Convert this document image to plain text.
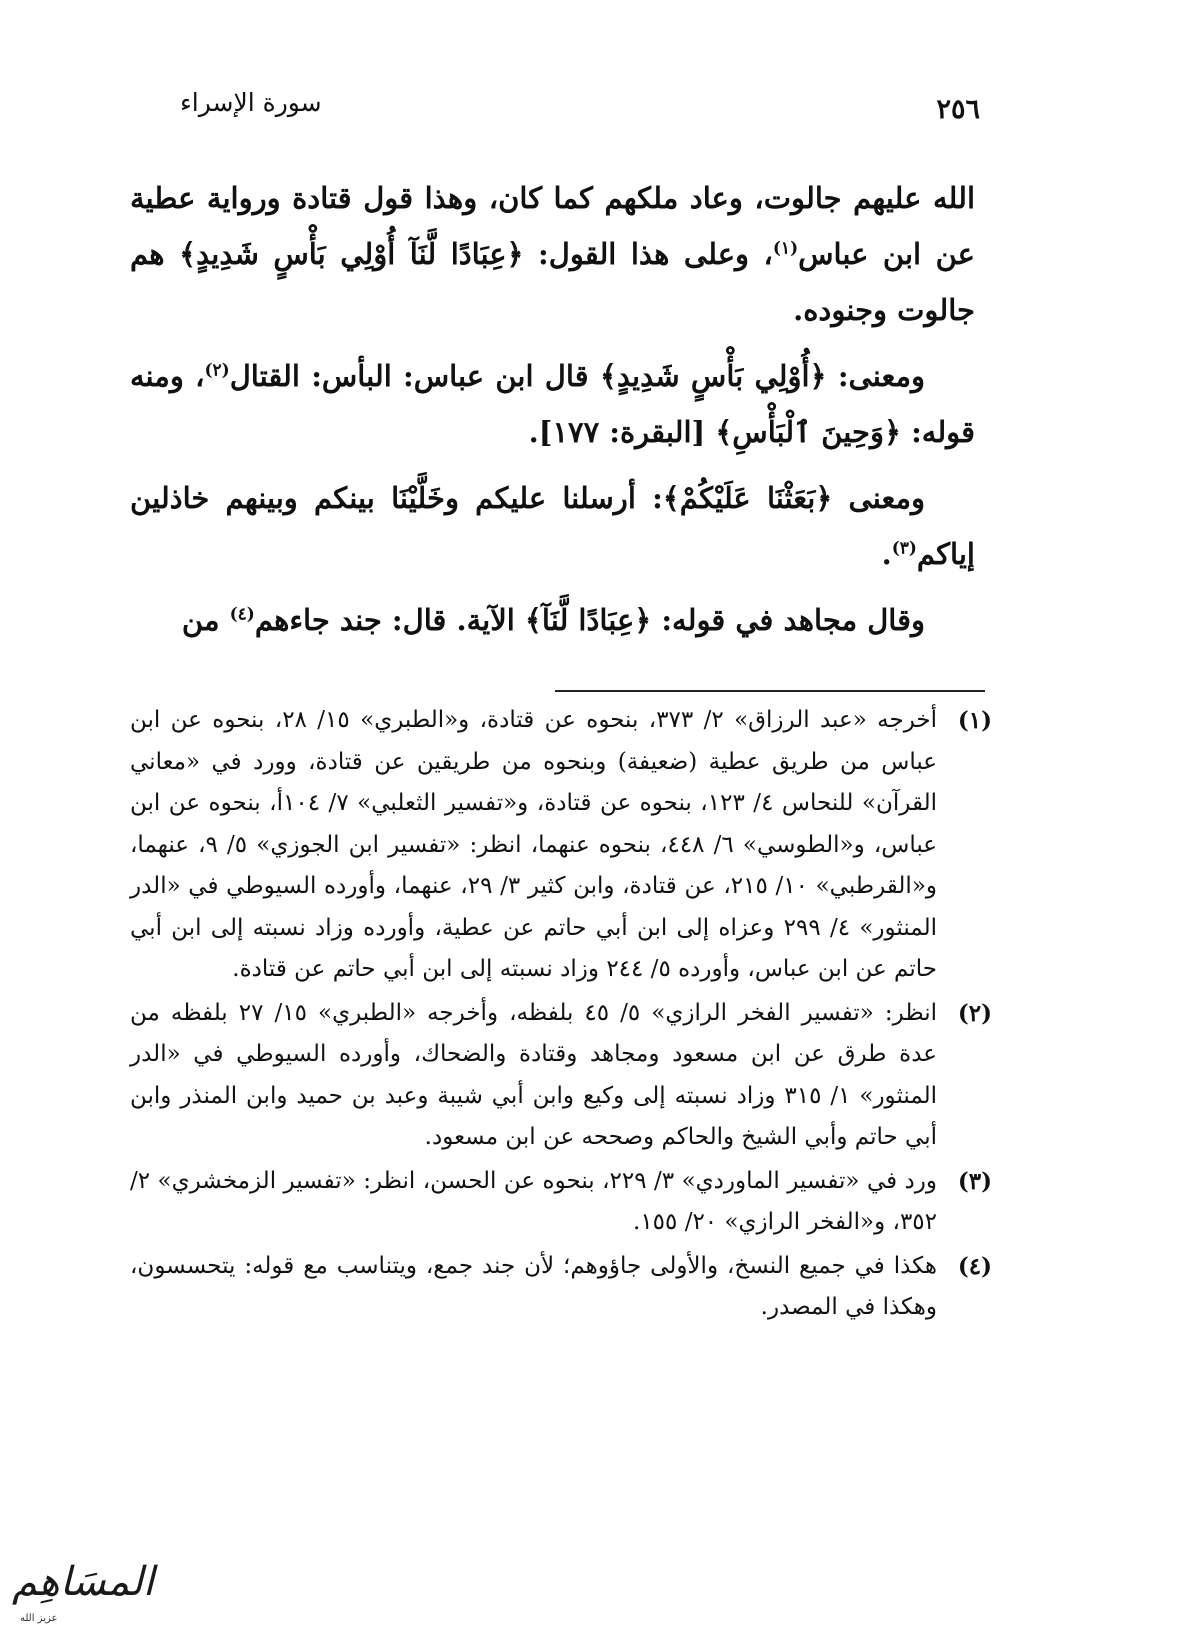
سورة الإسراء	٢٥٦

الله عليهم جالوت، وعاد ملكهم كما كان، وهذا قول قتادة ورواية عطية عن ابن عباس$^{(١)}$، وعلى هذا القول: ﴿عِبَادًا لَّنَآ أُوْلِي بَأْسٍ شَدِيدٍ﴾ هم جالوت وجنوده.

ومعنى: ﴿أُوْلِي بَأْسٍ شَدِيدٍ﴾ قال ابن عباس: البأس: القتال$^{(٢)}$، ومنه قوله: ﴿وَحِينَ ٱلْبَأْسِ﴾ [البقرة: ١٧٧].

ومعنى ﴿بَعَثْنَا عَلَيْكُمْ﴾: أرسلنا عليكم وخَلَّيْنَا بينكم وبينهم خاذلين إياكم$^{(٣)}$.

وقال مجاهد في قوله: ﴿عِبَادًا لَّنَآ﴾ الآية. قال: جند جاءهم$^{(٤)}$ من

(١)
أخرجه «عبد الرزاق» ٢/ ٣٧٣، بنحوه عن قتادة، و«الطبري» ١٥/ ٢٨، بنحوه عن ابن عباس من طريق عطية (ضعيفة) وبنحوه من طريقين عن قتادة، وورد في «معاني القرآن» للنحاس ٤/ ١٢٣، بنحوه عن قتادة، و«تفسير الثعلبي» ٧/ ١٠٤أ، بنحوه عن ابن عباس، و«الطوسي» ٦/ ٤٤٨، بنحوه عنهما، انظر: «تفسير ابن الجوزي» ٥/ ٩، عنهما، و«القرطبي» ١٠/ ٢١٥، عن قتادة، وابن كثير ٣/ ٢٩، عنهما، وأورده السيوطي في «الدر المنثور» ٤/ ٢٩٩ وعزاه إلى ابن أبي حاتم عن عطية، وأورده وزاد نسبته إلى ابن أبي حاتم عن ابن عباس، وأورده ٥/ ٢٤٤ وزاد نسبته إلى ابن أبي حاتم عن قتادة.
(٢)
انظر: «تفسير الفخر الرازي» ٥/ ٤٥ بلفظه، وأخرجه «الطبري» ١٥/ ٢٧ بلفظه من عدة طرق عن ابن مسعود ومجاهد وقتادة والضحاك، وأورده السيوطي في «الدر المنثور» ١/ ٣١٥ وزاد نسبته إلى وكيع وابن أبي شيبة وعبد بن حميد وابن المنذر وابن أبي حاتم وأبي الشيخ والحاكم وصححه عن ابن مسعود.
(٣)
ورد في «تفسير الماوردي» ٣/ ٢٢٩، بنحوه عن الحسن، انظر: «تفسير الزمخشري» ٢/ ٣٥٢، و«الفخر الرازي» ٢٠/ ١٥٥.
(٤)
هكذا في جميع النسخ، والأولى جاؤوهم؛ لأن جند جمع، ويتناسب مع قوله: يتحسسون، وهكذا في المصدر.
المسَاهِم
عزيز الله
